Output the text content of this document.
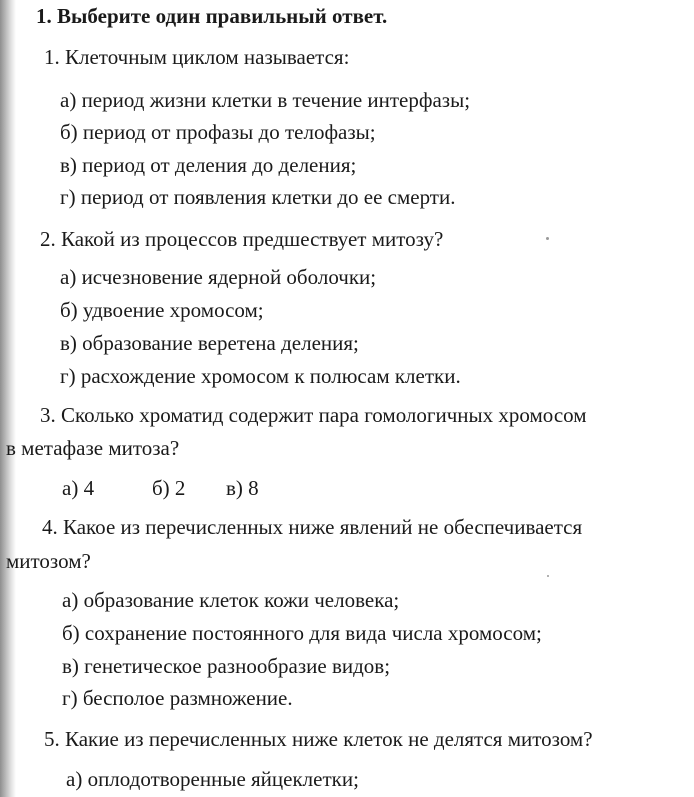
1. Выберите один правильный ответ.
1. Клеточным циклом называется:
а) период жизни клетки в течение интерфазы;
б) период от профазы до телофазы;
в) период от деления до деления;
г) период от появления клетки до ее смерти.
2. Какой из процессов предшествует митозу?
а) исчезновение ядерной оболочки;
б) удвоение хромосом;
в) образование веретена деления;
г) расхождение хромосом к полюсам клетки.
3. Сколько хроматид содержит пара гомологичных хромосом
в метафазе митоза?
а) 4	б) 2 в) 8
4. Какое из перечисленных ниже явлений не обеспечивается
митозом?
а) образование клеток кожи человека;
б) сохранение постоянного для вида числа хромосом;
в) генетическое разнообразие видов;
г) бесполое размножение.
5. Какие из перечисленных ниже клеток не делятся митозом?
а) оплодотворенные яйцеклетки;
